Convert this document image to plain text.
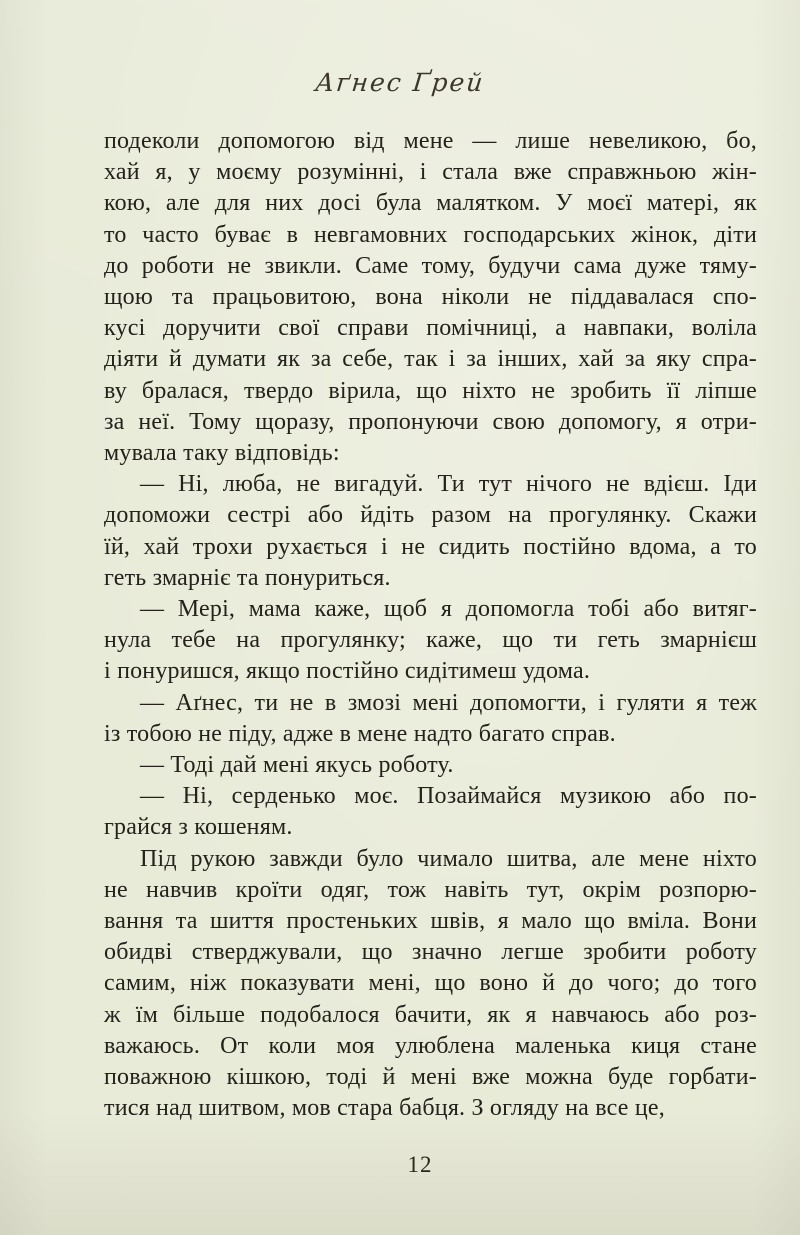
Аґнес Ґрей
подеколи допомогою від мене — лише невеликою, бо,
хай я, у моєму розумінні, і стала вже справжньою жін-
кою, але для них досі була малятком. У моєї матері, як
то часто буває в невгамовних господарських жінок, діти
до роботи не звикли. Саме тому, будучи сама дуже тяму-
щою та працьовитою, вона ніколи не піддавалася спо-
кусі доручити свої справи помічниці, а навпаки, воліла
діяти й думати як за себе, так і за інших, хай за яку спра-
ву бралася, твердо вірила, що ніхто не зробить її ліпше
за неї. Тому щоразу, пропонуючи свою допомогу, я отри-
мувала таку відповідь:
— Ні, люба, не вигадуй. Ти тут нічого не вдієш. Іди
допоможи сестрі або йдіть разом на прогулянку. Скажи
їй, хай трохи рухається і не сидить постійно вдома, а то
геть змарніє та понуриться.
— Мері, мама каже, щоб я допомогла тобі або витяг-
нула тебе на прогулянку; каже, що ти геть змарнієш
і понуришся, якщо постійно сидітимеш удома.
— Аґнес, ти не в змозі мені допомогти, і гуляти я теж
із тобою не піду, адже в мене надто багато справ.
— Тоді дай мені якусь роботу.
— Ні, серденько моє. Позаймайся музикою або по-
грайся з кошеням.
Під рукою завжди було чимало шитва, але мене ніхто
не навчив кроїти одяг, тож навіть тут, окрім розпорю-
вання та шиття простеньких швів, я мало що вміла. Вони
обидві стверджували, що значно легше зробити роботу
самим, ніж показувати мені, що воно й до чого; до того
ж їм більше подобалося бачити, як я навчаюсь або роз-
важаюсь. От коли моя улюблена маленька киця стане
поважною кішкою, тоді й мені вже можна буде горбати-
тися над шитвом, мов стара бабця. З огляду на все це,
12
